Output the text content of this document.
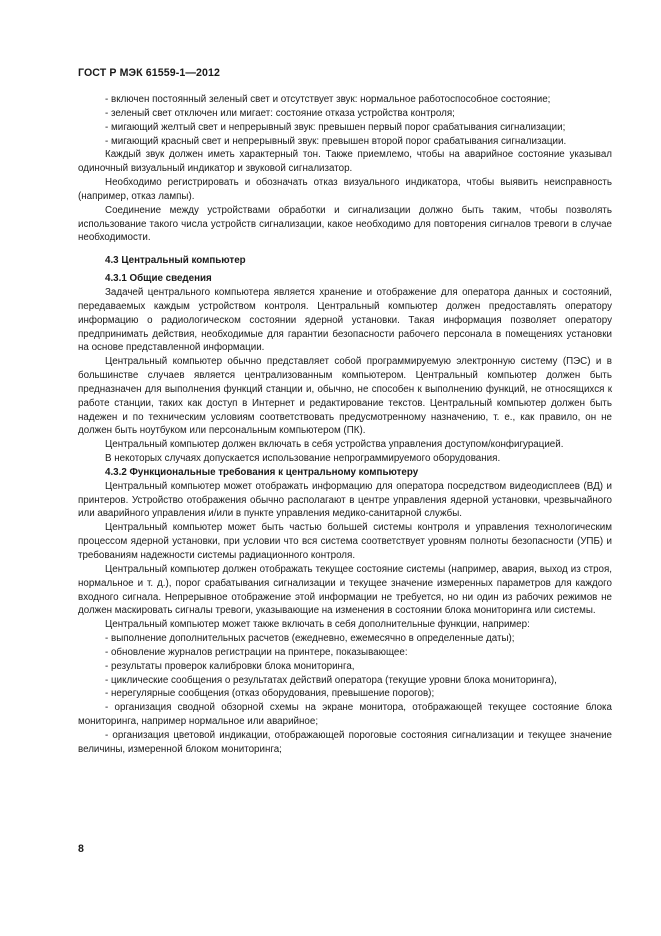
ГОСТ Р МЭК 61559-1—2012

- включен постоянный зеленый свет и отсутствует звук: нормальное работоспособное состояние;

- зеленый свет отключен или мигает: состояние отказа устройства контроля;

- мигающий желтый свет и непрерывный звук: превышен первый порог срабатывания сигнализации;

- мигающий красный свет и непрерывный звук: превышен второй порог срабатывания сигнализации.

Каждый звук должен иметь характерный тон. Также приемлемо, чтобы на аварийное состояние указывал одиночный визуальный индикатор и звуковой сигнализатор.

Необходимо регистрировать и обозначать отказ визуального индикатора, чтобы выявить неисправность (например, отказ лампы).

Соединение между устройствами обработки и сигнализации должно быть таким, чтобы позволять использование такого числа устройств сигнализации, какое необходимо для повторения сигналов тревоги в случае необходимости.

4.3 Центральный компьютер
4.3.1 Общие сведения

Задачей центрального компьютера является хранение и отображение для оператора данных и состояний, передаваемых каждым устройством контроля. Центральный компьютер должен предоставлять оператору информацию о радиологическом состоянии ядерной установки. Такая информация позволяет оператору предпринимать действия, необходимые для гарантии безопасности рабочего персонала в помещениях установки на основе представленной информации.

Центральный компьютер обычно представляет собой программируемую электронную систему (ПЭС) и в большинстве случаев является централизованным компьютером. Центральный компьютер должен быть предназначен для выполнения функций станции и, обычно, не способен к выполнению функций, не относящихся к работе станции, таких как доступ в Интернет и редактирование текстов. Центральный компьютер должен быть надежен и по техническим условиям соответствовать предусмотренному назначению, т. е., как правило, он не должен быть ноутбуком или персональным компьютером (ПК).

Центральный компьютер должен включать в себя устройства управления доступом/конфигурацией.

В некоторых случаях допускается использование непрограммируемого оборудования.

4.3.2 Функциональные требования к центральному компьютеру

Центральный компьютер может отображать информацию для оператора посредством видеодисплеев (ВД) и принтеров. Устройство отображения обычно располагают в центре управления ядерной установки, чрезвычайного или аварийного управления и/или в пункте управления медико-санитарной службы.

Центральный компьютер может быть частью большей системы контроля и управления технологическим процессом ядерной установки, при условии что вся система соответствует уровням полноты безопасности (УПБ) и требованиям надежности системы радиационного контроля.

Центральный компьютер должен отображать текущее состояние системы (например, авария, выход из строя, нормальное и т. д.), порог срабатывания сигнализации и текущее значение измеренных параметров для каждого входного сигнала. Непрерывное отображение этой информации не требуется, но ни один из рабочих режимов не должен маскировать сигналы тревоги, указывающие на изменения в состоянии блока мониторинга или системы.

Центральный компьютер может также включать в себя дополнительные функции, например:

- выполнение дополнительных расчетов (ежедневно, ежемесячно в определенные даты);

- обновление журналов регистрации на принтере, показывающее:

- результаты проверок калибровки блока мониторинга,

- циклические сообщения о результатах действий оператора (текущие уровни блока мониторинга),

- нерегулярные сообщения (отказ оборудования, превышение порогов);

- организация сводной обзорной схемы на экране монитора, отображающей текущее состояние блока мониторинга, например нормальное или аварийное;

- организация цветовой индикации, отображающей пороговые состояния сигнализации и текущее значение величины, измеренной блоком мониторинга;

8
